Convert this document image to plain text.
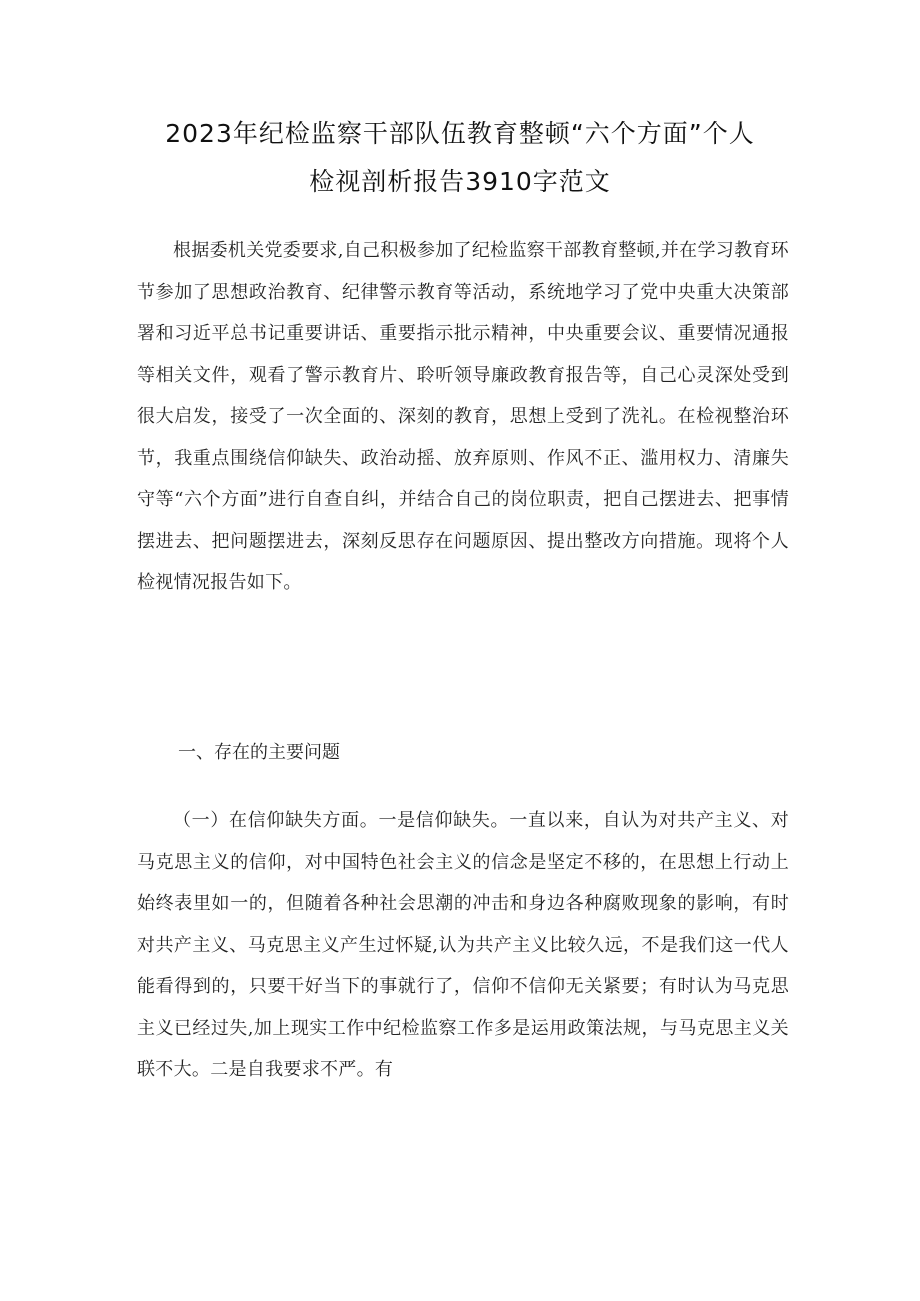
2023年纪检监察干部队伍教育整顿“六个方面”个人
检视剖析报告3910字范文
根据委机关党委要求,自己积极参加了纪检监察干部教育整顿,并在学习教育环节参加了思想政治教育、纪律警示教育等活动，系统地学习了党中央重大决策部署和习近平总书记重要讲话、重要指示批示精神，中央重要会议、重要情况通报等相关文件，观看了警示教育片、聆听领导廉政教育报告等，自己心灵深处受到很大启发，接受了一次全面的、深刻的教育，思想上受到了洗礼。在检视整治环节，我重点围绕信仰缺失、政治动摇、放弃原则、作风不正、滥用权力、清廉失守等“六个方面”进行自查自纠，并结合自己的岗位职责，把自己摆进去、把事情摆进去、把问题摆进去，深刻反思存在问题原因、提出整改方向措施。现将个人检视情况报告如下。
一、存在的主要问题
（一）在信仰缺失方面。一是信仰缺失。一直以来，自认为对共产主义、对马克思主义的信仰，对中国特色社会主义的信念是坚定不移的，在思想上行动上始终表里如一的，但随着各种社会思潮的冲击和身边各种腐败现象的影响，有时对共产主义、马克思主义产生过怀疑,认为共产主义比较久远，不是我们这一代人能看得到的，只要干好当下的事就行了，信仰不信仰无关紧要；有时认为马克思主义已经过失,加上现实工作中纪检监察工作多是运用政策法规，与马克思主义关联不大。二是自我要求不严。有
